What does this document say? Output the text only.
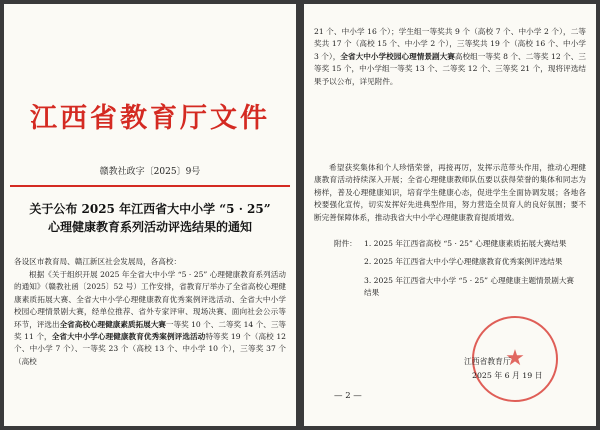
江西省教育厅文件
赣教社政字〔2025〕9号
关于公布 2025 年江西省大中小学 “5 · 25”
心理健康教育系列活动评选结果的通知

各设区市教育局、赣江新区社会发展局，各高校：

根据《关于组织开展 2025 年全省大中小学 “5 · 25” 心理健康教育系列活动的通知》（赣教社函〔2025〕52 号）工作安排，省教育厅举办了全省高校心理健康素质拓展大赛、全省大中小学心理健康教育优秀案例评选活动、全省大中小学校园心理情景剧大赛，经单位推荐、省外专家评审、现场决赛、面向社会公示等环节，评选出全省高校心理健康素质拓展大赛一等奖 10 个、二等奖 14 个、三等奖 11 个，全省大中小学心理健康教育优秀案例评选活动特等奖 19 个（高校 12 个、中小学 7 个）、一等奖 23 个（高校 13 个、中小学 10 个），三等奖 37 个（高校

21 个、中小学 16 个）；学生组一等奖共 9 个（高校 7 个、中小学 2 个），二等奖共 17 个（高校 15 个、中小学 2 个），三等奖共 19 个（高校 16 个、中小学 3 个），全省大中小学校园心理情景剧大赛高校组一等奖 8 个、二等奖 12 个、三等奖 15 个，中小学组一等奖 13 个、二等奖 12 个、三等奖 21 个，现将评选结果予以公布，详见附件。

希望获奖集体和个人珍惜荣誉，再接再厉，发挥示范带头作用，推动心理健康教育活动持续深入开展；全省心理健康教师队伍要以获得荣誉的集体和同志为榜样，普及心理健康知识，培育学生健康心态，促进学生全面协调发展；各地各校要强化宣传，切实发挥好先进典型作用，努力营造全员育人的良好氛围；要不断完善保障体系，推动我省大中小学心理健康教育提质增效。

附件： 1. 2025 年江西省高校 “5 · 25” 心理健康素质拓展大赛结果
2. 2025 年江西省大中小学心理健康教育优秀案例评选结果
3. 2025 年江西省大中小学 “5 · 25” 心理健康主题情景剧大赛结果
★
江西省教育厅
2025 年 6 月 19 日
— 2 —
